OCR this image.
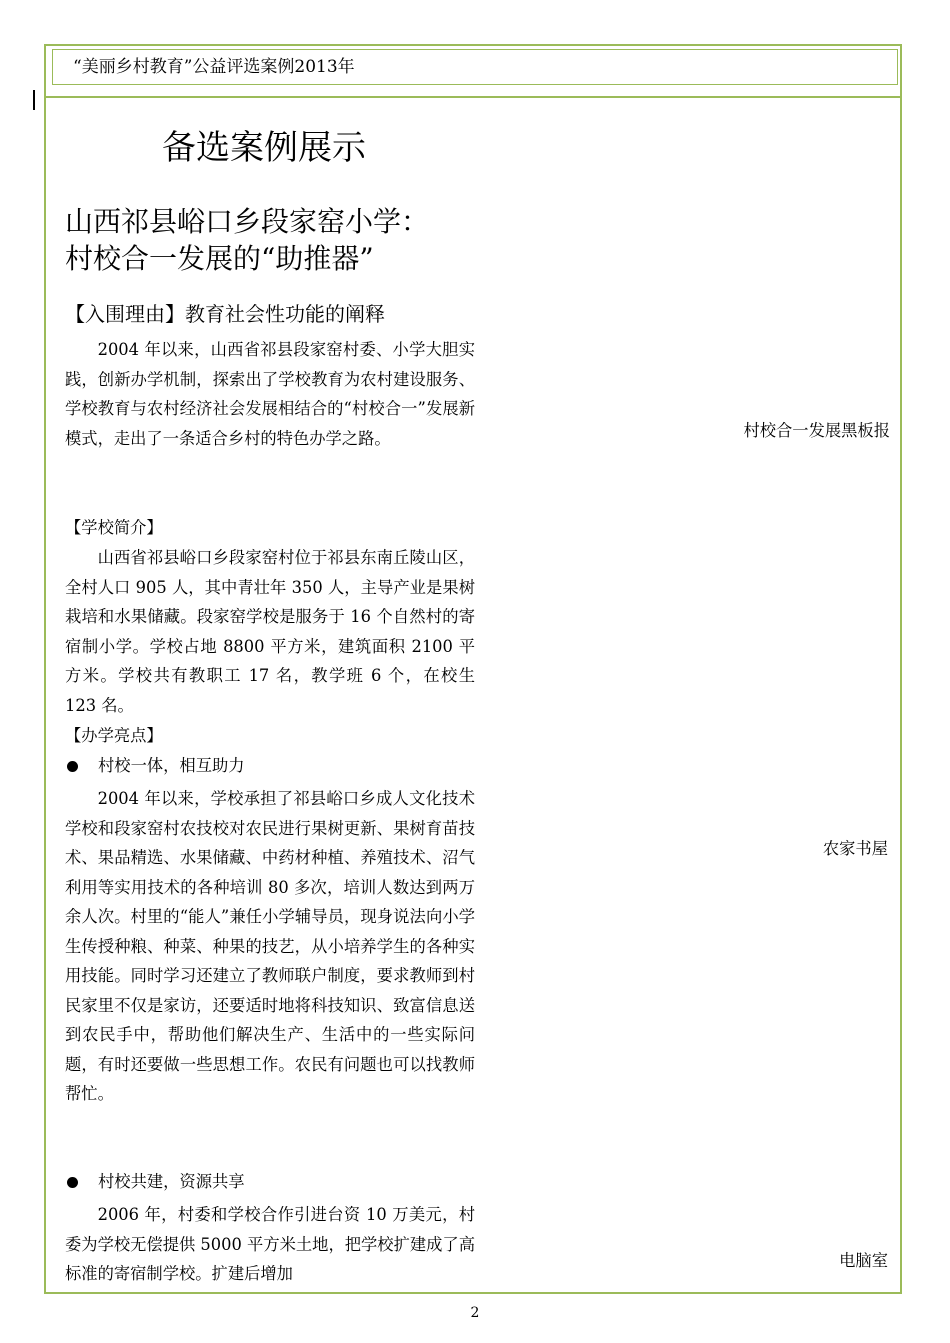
“美丽乡村教育”公益评选案例2013年
备选案例展示
山西祁县峪口乡段家窑小学：
村校合一发展的“助推器”
【入围理由】教育社会性功能的阐释
2004 年以来，山西省祁县段家窑村委、小学大胆实践，创新办学机制，探索出了学校教育为农村建设服务、学校教育与农村经济社会发展相结合的“村校合一”发展新模式，走出了一条适合乡村的特色办学之路。
【学校简介】
山西省祁县峪口乡段家窑村位于祁县东南丘陵山区，全村人口 905 人，其中青壮年 350 人，主导产业是果树栽培和水果储藏。段家窑学校是服务于 16 个自然村的寄宿制小学。学校占地 8800 平方米，建筑面积 2100 平方米。学校共有教职工 17 名，教学班 6 个，在校生 123 名。
【办学亮点】
村校一体，相互助力
2004 年以来，学校承担了祁县峪口乡成人文化技术学校和段家窑村农技校对农民进行果树更新、果树育苗技术、果品精选、水果储藏、中药材种植、养殖技术、沼气利用等实用技术的各种培训 80 多次，培训人数达到两万余人次。村里的“能人”兼任小学辅导员，现身说法向小学生传授种粮、种菜、种果的技艺，从小培养学生的各种实用技能。同时学习还建立了教师联户制度，要求教师到村民家里不仅是家访，还要适时地将科技知识、致富信息送到农民手中，帮助他们解决生产、生活中的一些实际问题，有时还要做一些思想工作。农民有问题也可以找教师帮忙。
村校共建，资源共享
2006 年，村委和学校合作引进台资 10 万美元，村委为学校无偿提供 5000 平方米土地，把学校扩建成了高标准的寄宿制学校。扩建后增加
村校合一发展黑板报
农家书屋
电脑室
2
